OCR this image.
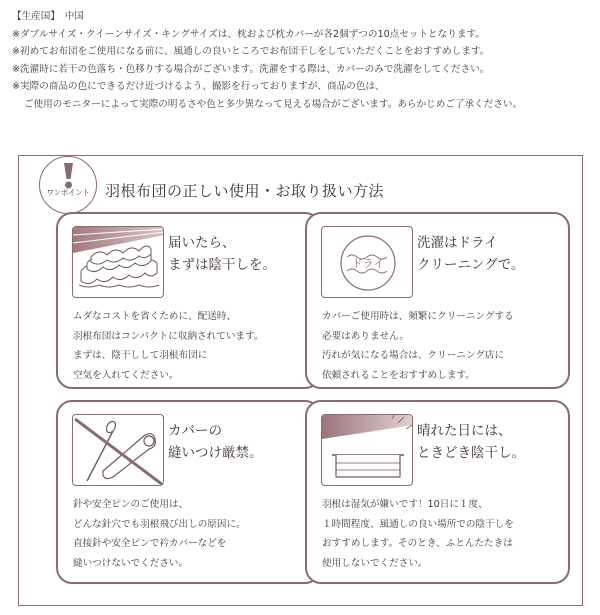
【生産国】　中国
※ダブルサイズ・クイーンサイズ・キングサイズは、枕および枕カバーが各2個ずつの10点セットとなります。
※初めてお布団をご使用になる前に、風通しの良いところでお布団干しをしていただくことをおすすめします。
※洗濯時に若干の色落ち・色移りする場合がございます。洗濯をする際は、カバーのみで洗濯をしてください。
※実際の商品の色にできるだけ近づけるよう、撮影を行っておりますが、商品の色は、
ご使用のモニターによって実際の明るさや色と多少異なって見える場合がございます。あらかじめご了承ください。
ワンポイント	羽根布団の正しい使用・お取り扱い方法
届いたら、
まずは陰干しを。
ムダなコストを省くために、配送時、
羽根布団はコンパクトに収納されています。
まずは、陰干しして羽根布団に
空気を入れてください。
ドライ
洗濯はドライ
クリーニングで。
カバーご使用時は、頻繁にクリーニングする
必要はありません。
汚れが気になる場合は、クリーニング店に
依頼されることをおすすめします。
カバーの
縫いつけ厳禁。
針や安全ピンのご使用は、
どんな針穴でも羽根飛び出しの原因に。
直接針や安全ピンで衿カバーなどを
縫いつけないでください。
晴れた日には、
ときどき陰干し。
羽根は湿気が嫌いです！10日に１度、
１時間程度、風通しの良い場所での陰干しを
おすすめします。そのとき、ふとんたたきは
使用しないでください。
